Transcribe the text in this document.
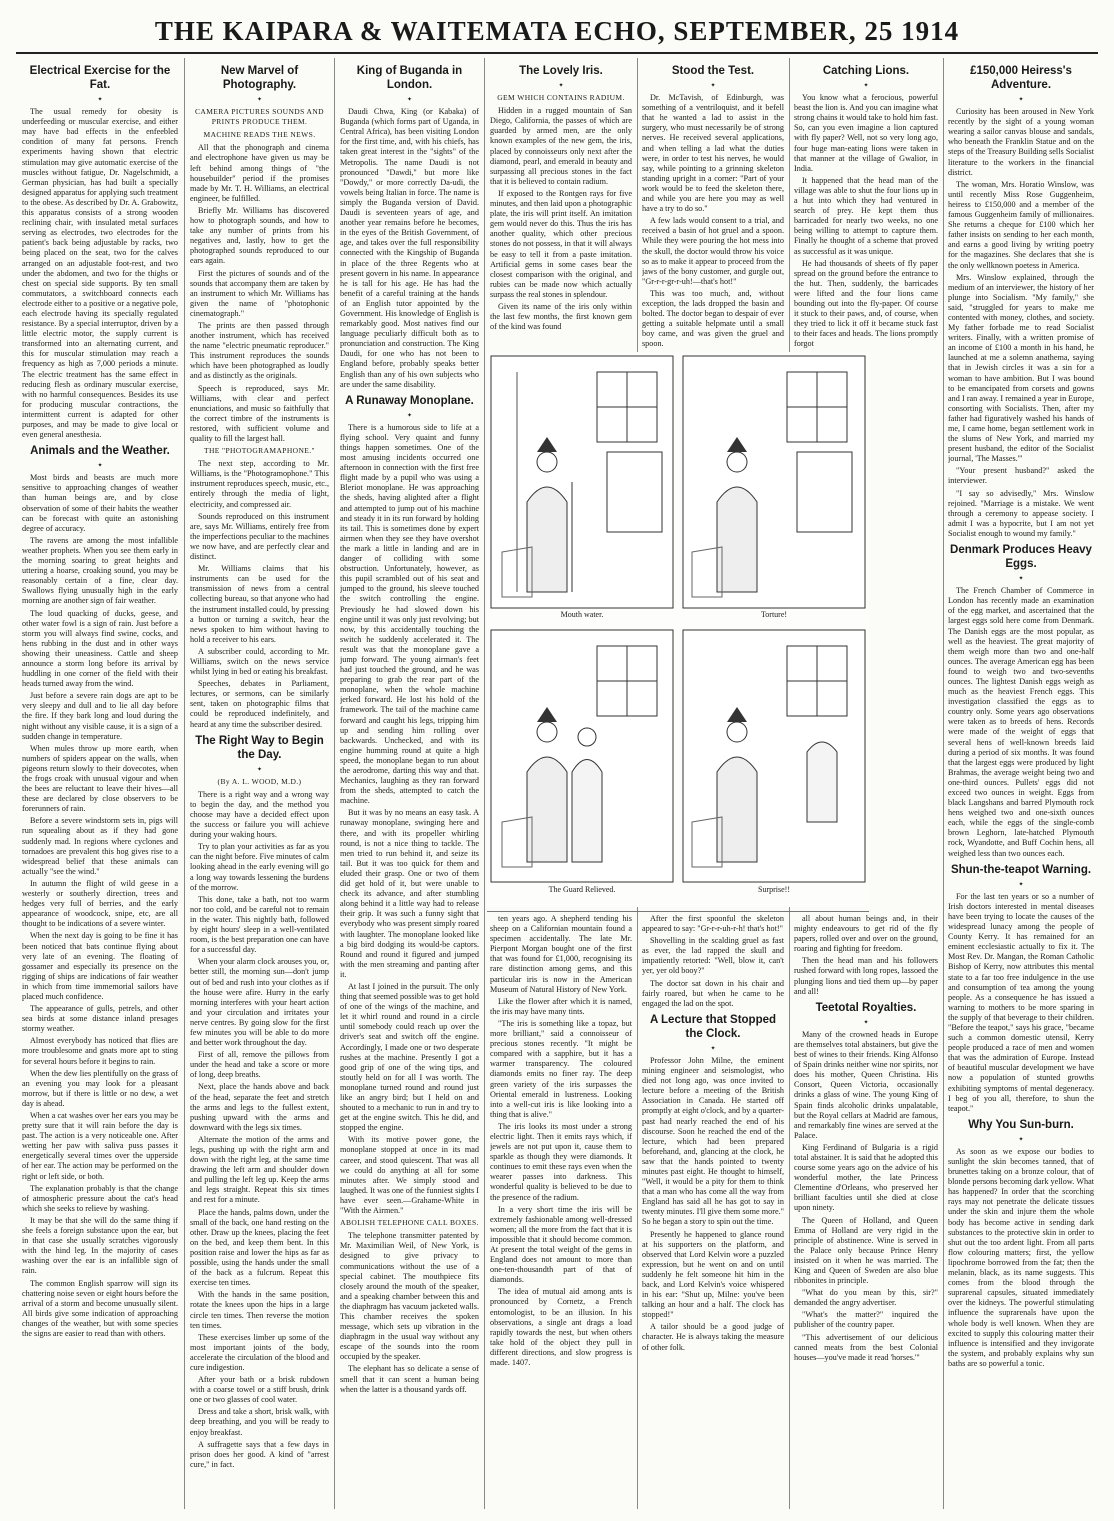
THE KAIPARA & WAITEMATA ECHO, SEPTEMBER, 25 1914
Electrical Exercise for the Fat.
✦

The usual remedy for obesity is underfeeding or muscular exercise, and either may have bad effects in the enfeebled condition of many fat persons. French experiments having shown that electric stimulation may give automatic exercise of the muscles without fatigue, Dr. Nagelschmidt, a German physician, has had built a specially designed apparatus for applying such treatment to the obese. As described by Dr. A. Grabowitz, this apparatus consists of a strong wooden reclining chair, with insulated metal surfaces serving as electrodes, two electrodes for the patient's back being adjustable by racks, two being placed on the seat, two for the calves arranged on an adjustable foot-rest, and two under the abdomen, and two for the thighs or chest on special side supports. By ten small commutators, a switchboard connects each electrode either to a positive or a negative pole, each electrode having its specially regulated resistance. By a special interruptor, driven by a little electric motor, the supply current is transformed into an alternating current, and this for muscular stimulation may reach a frequency as high as 7,000 periods a minute. The electric treatment has the same effect in reducing flesh as ordinary muscular exercise, with no harmful consequences. Besides its use for producing muscular contractions, the intermittent current is adapted for other purposes, and may be made to give local or even general anesthesia.

Animals and the Weather.
✦

Most birds and beasts are much more sensitive to approaching changes of weather than human beings are, and by close observation of some of their habits the weather can be forecast with quite an astonishing degree of accuracy.

The ravens are among the most infallible weather prophets. When you see them early in the morning soaring to great heights and uttering a hoarse, croaking sound, you may be reasonably certain of a fine, clear day. Swallows flying unusually high in the early morning are another sign of fair weather.

The loud quacking of ducks, geese, and other water fowl is a sign of rain. Just before a storm you will always find swine, cocks, and hens rubbing in the dust and in other ways showing their uneasiness. Cattle and sheep announce a storm long before its arrival by huddling in one corner of the field with their heads turned away from the wind.

Just before a severe rain dogs are apt to be very sleepy and dull and to lie all day before the fire. If they bark long and loud during the night without any visible cause, it is a sign of a sudden change in temperature.

When mules throw up more earth, when numbers of spiders appear on the walls, when pigeons return slowly to their dovecotes, when the frogs croak with unusual vigour and when the bees are reluctant to leave their hives—all these are declared by close observers to be forerunners of rain.

Before a severe windstorm sets in, pigs will run squealing about as if they had gone suddenly mad. In regions where cyclones and tornadoes are prevalent this hog gives rise to a widespread belief that these animals can actually "see the wind."

In autumn the flight of wild geese in a westerly or southerly direction, trees and hedges very full of berries, and the early appearance of woodcock, snipe, etc, are all thought to be indications of a severe winter.

When the next day is going to be fine it has been noticed that bats continue flying about very late of an evening. The floating of gossamer and especially its presence on the rigging of ships are indications of fair weather in which from time immemorial sailors have placed much confidence.

The appearance of gulls, petrels, and other sea birds at some distance inland presages stormy weather.

Almost everybody has noticed that flies are more troublesome and gnats more apt to sting for several hours before it begins to rain.

When the dew lies plentifully on the grass of an evening you may look for a pleasant morrow, but if there is little or no dew, a wet day is ahead.

When a cat washes over her ears you may be pretty sure that it will rain before the day is past. The action is a very noticeable one. After wetting her paw with saliva puss passes it energetically several times over the upperside of her ear. The action may be performed on the right or left side, or both.

The explanation probably is that the change of atmospheric pressure about the cat's head which she seeks to relieve by washing.

It may be that she will do the same thing if she feels a foreign substance upon the ear, but in that case she usually scratches vigorously with the hind leg. In the majority of cases washing over the ear is an infallible sign of rain.

The common English sparrow will sign its chattering noise seven or eight hours before the arrival of a storm and become unusually silent. All birds give some indication of approaching changes of the weather, but with some species the signs are easier to read than with others.

New Marvel of Photography.
✦
CAMERA PICTURES SOUNDS AND PRINTS PRODUCE THEM.
MACHINE READS THE NEWS.

All that the phonograph and cinema and electrophone have given us may be left behind among things of "the housebuilder" period if the promises made by Mr. T. H. Williams, an electrical engineer, be fulfilled.

Briefly Mr. Williams has discovered how to photograph sounds, and how to take any number of prints from his negatives and, lastly, how to get the photographed sounds reproduced to our ears again.

First the pictures of sounds and of the sounds that accompany them are taken by an instrument to which Mr. Williams has given the name of "photophonic cinematograph."

The prints are then passed through another instrument, which has received the name "electric pneumatic reproducer." This instrument reproduces the sounds which have been photographed as loudly and as distinctly as the originals.

Speech is reproduced, says Mr. Williams, with clear and perfect enunciations, and music so faithfully that the correct timbre of the instruments is restored, with sufficient volume and quality to fill the largest hall.

THE "PHOTOGRAMAPHONE."

The next step, according to Mr. Williams, is the "Photogramophone." This instrument reproduces speech, music, etc., entirely through the media of light, electricity, and compressed air.

Sounds reproduced on this instrument are, says Mr. Williams, entirely free from the imperfections peculiar to the machines we now have, and are perfectly clear and distinct.

Mr. Williams claims that his instruments can be used for the transmission of news from a central collecting bureau, so that anyone who had the instrument installed could, by pressing a button or turning a switch, hear the news spoken to him without having to hold a receiver to his ears.

A subscriber could, according to Mr. Williams, switch on the news service whilst lying in bed or eating his breakfast.

Speeches, debates in Parliament, lectures, or sermons, can be similarly sent, taken on photographic films that could be reproduced indefinitely, and heard at any time the subscriber desired.

The Right Way to Begin the Day.
✦
(By A. L. WOOD, M.D.)

There is a right way and a wrong way to begin the day, and the method you choose may have a decided effect upon the success or failure you will achieve during your waking hours.

Try to plan your activities as far as you can the night before. Five minutes of calm looking ahead in the early evening will go a long way towards lessening the burdens of the morrow.

This done, take a bath, not too warm nor too cold, and be careful not to remain in the water. This nightly bath, followed by eight hours' sleep in a well-ventilated room, is the best preparation one can have for a successful day.

When your alarm clock arouses you, or, better still, the morning sun—don't jump out of bed and rush into your clothes as if the house were afire. Hurry in the early morning interferes with your heart action and your circulation and irritates your nerve centres. By going slow for the first few minutes you will be able to do more and better work throughout the day.

First of all, remove the pillows from under the head and take a score or more of long, deep breaths.

Next, place the hands above and back of the head, separate the feet and stretch the arms and legs to the fullest extent, pushing upward with the arms and downward with the legs six times.

Alternate the motion of the arms and legs, pushing up with the right arm and down with the right leg, at the same time drawing the left arm and shoulder down and pulling the left leg up. Keep the arms and legs straight. Repeat this six times and rest for a minute.

Place the hands, palms down, under the small of the back, one hand resting on the other. Draw up the knees, placing the feet on the bed, and keep them bent. In this position raise and lower the hips as far as possible, using the hands under the small of the back as a fulcrum. Repeat this exercise ten times.

With the hands in the same position, rotate the knees upon the hips in a large circle ten times. Then reverse the motion ten times.

These exercises limber up some of the most important joints of the body, accelerate the circulation of the blood and cure indigestion.

After your bath or a brisk rubdown with a coarse towel or a stiff brush, drink one or two glasses of cool water.

Dress and take a short, brisk walk, with deep breathing, and you will be ready to enjoy breakfast.

A suffragette says that a few days in prison does her good. A kind of "arrest cure," in fact.

King of Buganda in London.
✦

Daudi Chwa, King (or Kabaka) of Buganda (which forms part of Uganda, in Central Africa), has been visiting London for the first time, and, with his chiefs, has taken great interest in the "sights" of the Metropolis. The name Daudi is not pronounced "Dawdi," but more like "Dowdy," or more correctly Da-udi, the vowels being Italian in force. The name is simply the Buganda version of David. Daudi is seventeen years of age, and another year remains before he becomes, in the eyes of the British Government, of age, and takes over the full responsibility connected with the Kingship of Buganda in place of the three Regents who at present govern in his name. In appearance he is tall for his age. He has had the benefit of a careful training at the hands of an English tutor appointed by the Government. His knowledge of English is remarkably good. Most natives find our language peculiarly difficult both as to pronunciation and construction. The King Daudi, for one who has not been to England before, probably speaks better English than any of his own subjects who are under the same disability.

A Runaway Monoplane.
✦

There is a humorous side to life at a flying school. Very quaint and funny things happen sometimes. One of the most amusing incidents occurred one afternoon in connection with the first free flight made by a pupil who was using a Bleriot monoplane. He was approaching the sheds, having alighted after a flight and attempted to jump out of his machine and steady it in its run forward by holding its tail. This is sometimes done by expert airmen when they see they have overshot the mark a little in landing and are in danger of colliding with some obstruction. Unfortunately, however, as this pupil scrambled out of his seat and jumped to the ground, his sleeve touched the switch controlling the engine. Previously he had slowed down his engine until it was only just revolving; but now, by this accidentally touching the switch he suddenly accelerated it. The result was that the monoplane gave a jump forward. The young airman's feet had just touched the ground, and he was preparing to grab the rear part of the monoplane, when the whole machine jerked forward. He lost his hold of the framework. The tail of the machine came forward and caught his legs, tripping him up and sending him rolling over backwards. Unchecked, and with its engine humming round at quite a high speed, the monoplane began to run about the aerodrome, darting this way and that. Mechanics, laughing as they ran forward from the sheds, attempted to catch the machine.

But it was by no means an easy task. A runaway monoplane, swinging here and there, and with its propeller whirling round, is not a nice thing to tackle. The men tried to run behind it, and seize its tail. But it was too quick for them and eluded their grasp. One or two of them did get hold of it, but were unable to check its advance, and after stumbling along behind it a little way had to release their grip. It was such a funny sight that everybody who was present simply roared with laughter. The monoplane looked like a big bird dodging its would-be captors. Round and round it figured and jumped with the men streaming and panting after it.

At last I joined in the pursuit. The only thing that seemed possible was to get hold of one of the wings of the machine, and let it whirl round and round in a circle until somebody could reach up over the driver's seat and switch off the engine. Accordingly, I made one or two desperate rushes at the machine. Presently I got a good grip of one of the wing tips, and stoutly held on for all I was worth. The monoplane turned round and round just like an angry bird; but I held on and shouted to a mechanic to run in and try to get at the engine switch. This he did, and stopped the engine.

With its motive power gone, the monoplane stopped at once in its mad career, and stood quiescent. That was all we could do anything at all for some minutes after. We simply stood and laughed. It was one of the funniest sights I have ever seen.—Grahame-White in "With the Airmen."

ABOLISH TELEPHONE CALL BOXES.

The telephone transmitter patented by Mr. Maximilian Weil, of New York, is designed to give privacy to communications without the use of a special cabinet. The mouthpiece fits closely around the mouth of the speaker, and a speaking chamber between this and the diaphragm has vacuum jacketed walls. This chamber receives the spoken message, which sets up vibration in the diaphragm in the usual way without any escape of the sounds into the room occupied by the speaker.

The elephant has so delicate a sense of smell that it can scent a human being when the latter is a thousand yards off.

The Lovely Iris.
✦
GEM WHICH CONTAINS RADIUM.

Hidden in a rugged mountain of San Diego, California, the passes of which are guarded by armed men, are the only known examples of the new gem, the iris, placed by connoisseurs only next after the diamond, pearl, and emerald in beauty and surpassing all precious stones in the fact that it is believed to contain radium.

If exposed to the Rontgen rays for five minutes, and then laid upon a photographic plate, the iris will print itself. An imitation gem would never do this. Thus the iris has another quality, which other precious stones do not possess, in that it will always be easy to tell it from a paste imitation. Artificial gems in some cases bear the closest comparison with the original, and rubies can be made now which actually surpass the real stones in splendour.

Given its name of the iris only within the last few months, the first known gem of the kind was found

ten years ago. A shepherd tending his sheep on a Californian mountain found a specimen accidentally. The late Mr. Pierpont Morgan bought one of the first that was found for £1,000, recognising its rare distinction among gems, and this particular iris is now in the American Museum of Natural History of New York.

Like the flower after which it is named, the iris may have many tints.

"The iris is something like a topaz, but more brilliant," said a connoisseur of precious stones recently. "It might be compared with a sapphire, but it has a warmer transparency. The coloured diamonds emits no finer ray. The deep green variety of the iris surpasses the Oriental emerald in lustreness. Looking into a well-cut iris is like looking into a thing that is alive."

The iris looks its most under a strong electric light. Then it emits rays which, if jewels are not put upon it, cause them to sparkle as though they were diamonds. It continues to emit these rays even when the wearer passes into darkness. This wonderful quality is believed to be due to the presence of the radium.

In a very short time the iris will be extremely fashionable among well-dressed women; all the more from the fact that it is impossible that it should become common. At present the total weight of the gems in England does not amount to more than one-ten-thousandth part of that of diamonds.

The idea of mutual aid among ants is pronounced by Cornetz, a French entomologist, to be an illusion. In his observations, a single ant drags a load rapidly towards the nest, but when others take hold of the object they pull in different directions, and slow progress is made. 1407.

Stood the Test.
✦

Dr. McTavish, of Edinburgh, was something of a ventriloquist, and it befell that he wanted a lad to assist in the surgery, who must necessarily be of strong nerves. He received several applications, and when telling a lad what the duties were, in order to test his nerves, he would say, while pointing to a grinning skeleton standing upright in a corner: "Part of your work would be to feed the skeleton there, and while you are here you may as well have a try to do so."

A few lads would consent to a trial, and received a basin of hot gruel and a spoon. While they were pouring the hot mess into the skull, the doctor would throw his voice so as to make it appear to proceed from the jaws of the bony customer, and gurgle out, "Gr-r-r-gr-r-uh!—that's hot!"

This was too much, and, without exception, the lads dropped the basin and bolted. The doctor began to despair of ever getting a suitable helpmate until a small boy came, and was given the gruel and spoon.

After the first spoonful the skeleton appeared to say: "Gr-r-r-uh-r-h! that's hot!"

Shovelling in the scalding gruel as fast as ever, the lad rapped the skull and impatiently retorted: "Well, blow it, can't yer, yer old booy?"

The doctor sat down in his chair and fairly roared, but when he came to he engaged the lad on the spot.

A Lecture that Stopped the Clock.
✦

Professor John Milne, the eminent mining engineer and seismologist, who died not long ago, was once invited to lecture before a meeting of the British Association in Canada. He started off promptly at eight o'clock, and by a quarter-past had nearly reached the end of his discourse. Soon he reached the end of the lecture, which had been prepared beforehand, and, glancing at the clock, he saw that the hands pointed to twenty minutes past eight. He thought to himself, "Well, it would be a pity for them to think that a man who has come all the way from England has said all he has got to say in twenty minutes. I'll give them some more." So he began a story to spin out the time.

Presently he happened to glance round at his supporters on the platform, and observed that Lord Kelvin wore a puzzled expression, but he went on and on until suddenly he felt someone hit him in the back, and Lord Kelvin's voice whispered in his ear: "Shut up, Milne: you've been talking an hour and a half. The clock has stopped!"

A tailor should be a good judge of character. He is always taking the measure of other folk.

Catching Lions.
✦

You know what a ferocious, powerful beast the lion is. And you can imagine what strong chains it would take to hold him fast. So, can you even imagine a lion captured with fly paper? Well, not so very long ago, four huge man-eating lions were taken in that manner at the village of Gwalior, in India.

It happened that the head man of the village was able to shut the four lions up in a hut into which they had ventured in search of prey. He kept them thus barricaded for nearly two weeks, no one being willing to attempt to capture them. Finally he thought of a scheme that proved as successful as it was unique.

He had thousands of sheets of fly paper spread on the ground before the entrance to the hut. Then, suddenly, the barricades were lifted and the four lions came bounding out into the fly-paper. Of course it stuck to their paws, and, of course, when they tried to lick it off it became stuck fast to their faces and heads. The lions promptly forgot

all about human beings and, in their mighty endeavours to get rid of the fly papers, rolled over and over on the ground, roaring and fighting for freedom.

Then the head man and his followers rushed forward with long ropes, lassoed the plunging lions and tied them up—by paper and all!

Teetotal Royalties.
✦

Many of the crowned heads in Europe are themselves total abstainers, but give the best of wines to their friends. King Alfonso of Spain drinks neither wine nor spirits, nor does his mother, Queen Christina. His Consort, Queen Victoria, occasionally drinks a glass of wine. The young King of Spain finds alcoholic drinks unpalatable, but the Royal cellars at Madrid are famous, and remarkably fine wines are served at the Palace.

King Ferdinand of Bulgaria is a rigid total abstainer. It is said that he adopted this course some years ago on the advice of his wonderful mother, the late Princess Clementine d'Orleans, who preserved her brilliant faculties until she died at close upon ninety.

The Queen of Holland, and Queen Emma of Holland are very rigid in the principle of abstinence. Wine is served in the Palace only because Prince Henry insisted on it when he was married. The King and Queen of Sweden are also blue ribbonites in principle.

"What do you mean by this, sir?" demanded the angry advertiser.

"What's the matter?" inquired the publisher of the country paper.

"This advertisement of our delicious canned meats from the best Colonial houses—you've made it read 'horses.'"

£150,000 Heiress's Adventure.
✦

Curiosity has been aroused in New York recently by the sight of a young woman wearing a sailor canvas blouse and sandals, who beneath the Franklin Statue and on the steps of the Treasury Building sells Socialist literature to the workers in the financial district.

The woman, Mrs. Horatio Winslow, was until recently Miss Rose Guggenheim, heiress to £150,000 and a member of the famous Guggenheim family of millionaires. She returns a cheque for £100 which her father insists on sending to her each month, and earns a good living by writing poetry for the magazines. She declares that she is the only wellknown poetess in America.

Mrs. Winslow explained, through the medium of an interviewer, the history of her plunge into Socialism. "My family," she said, "struggled for years to make me contented with money, clothes, and society. My father forbade me to read Socialist writers. Finally, with a written promise of an income of £100 a month in his hand, he launched at me a solemn anathema, saying that in Jewish circles it was a sin for a woman to have ambition. But I was bound to be emancipated from corsets and gowns and I ran away. I remained a year in Europe, consorting with Socialists. Then, after my father had figuratively washed his hands of me, I came home, began settlement work in the slums of New York, and married my present husband, the editor of the Socialist journal, 'The Masses.'"

"Your present husband?" asked the interviewer.

"I say so advisedly," Mrs. Winslow rejoined. "Marriage is a mistake. We went through a ceremony to appease society. I admit I was a hypocrite, but I am not yet Socialist enough to wound my family."

Denmark Produces Heavy Eggs.
✦

The French Chamber of Commerce in London has recently made an examination of the egg market, and ascertained that the largest eggs sold here come from Denmark. The Danish eggs are the most popular, as well as the heaviest. The great majority of them weigh more than two and one-half ounces. The average American egg has been found to weigh two and two-sevenths ounces. The lightest Danish eggs weigh as much as the heaviest French eggs. This investigation classified the eggs as to country only. Some years ago observations were taken as to breeds of hens. Records were made of the weight of eggs that several hens of well-known breeds laid during a period of six months. It was found that the largest eggs were produced by light Brahmas, the average weight being two and one-third ounces. Pullets' eggs did not exceed two ounces in weight. Eggs from black Langshans and barred Plymouth rock hens weighed two and one-sixth ounces each, while the eggs of the single-comb brown Leghorn, late-hatched Plymouth rock, Wyandotte, and Buff Cochin hens, all weighed less than two ounces each.

Shun-the-teapot Warning.
✦

For the last ten years or so a number of Irish doctors interested in mental diseases have been trying to locate the causes of the widespread lunacy among the people of County Kerry. It has remained for an eminent ecclesiastic actually to fix it. The Most Rev. Dr. Mangan, the Roman Catholic Bishop of Kerry, now attributes this mental state to a far too free indulgence in the use and consumption of tea among the young people. As a consequence he has issued a warning to mothers to be more sparing in the supply of that beverage to their children. "Before the teapot," says his grace, "became such a common domestic utensil, Kerry people produced a race of men and women that was the admiration of Europe. Instead of beautiful muscular development we have now a population of stunted growths exhibiting symptoms of mental degeneracy. I beg of you all, therefore, to shun the teapot."

Why You Sun-burn.
✦

As soon as we expose our bodies to sunlight the skin becomes tanned, that of brunettes taking on a bronze colour, that of blonde persons becoming dark yellow. What has happened? In order that the scorching rays may not penetrate the delicate tissues under the skin and injure them the whole body has become active in sending dark substances to the protective skin in order to shut out the too ardent light. From all parts flow colouring matters; first, the yellow lipochrome borrowed from the fat; then the melanin, black, as its name suggests. This comes from the blood through the suprarenal capsules, situated immediately over the kidneys. The powerful stimulating influence the suprarenals have upon the whole body is well known. When they are excited to supply this colouring matter their influence is intensified and they invigorate the system, and probably explains why sun baths are so powerful a tonic.

Mouth water.	Torture!
The Guard Relieved.	Surprise!!
